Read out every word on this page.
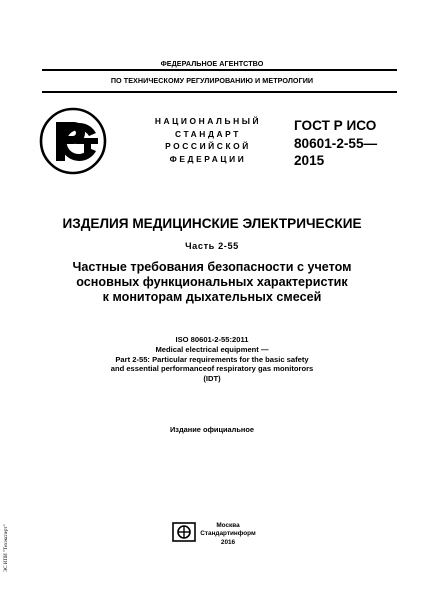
ФЕДЕРАЛЬНОЕ АГЕНТСТВО
ПО ТЕХНИЧЕСКОМУ РЕГУЛИРОВАНИЮ И МЕТРОЛОГИИ
НАЦИОНАЛЬНЫЙ
СТАНДАРТ
РОССИЙСКОЙ
ФЕДЕРАЦИИ
ГОСТ Р ИСО
80601-2-55—
2015
ИЗДЕЛИЯ МЕДИЦИНСКИЕ ЭЛЕКТРИЧЕСКИЕ
Часть 2-55
Частные требования безопасности с учетом
основных функциональных характеристик
к мониторам дыхательных смесей
ISO 80601-2-55:2011
Medical electrical equipment —
Part 2-55: Particular requirements for the basic safety
and essential performanceof respiratory gas monitorors
(IDT)
Издание официальное
Москва
Стандартинформ
2016
ЭС ИПИ "Техэксперт"
